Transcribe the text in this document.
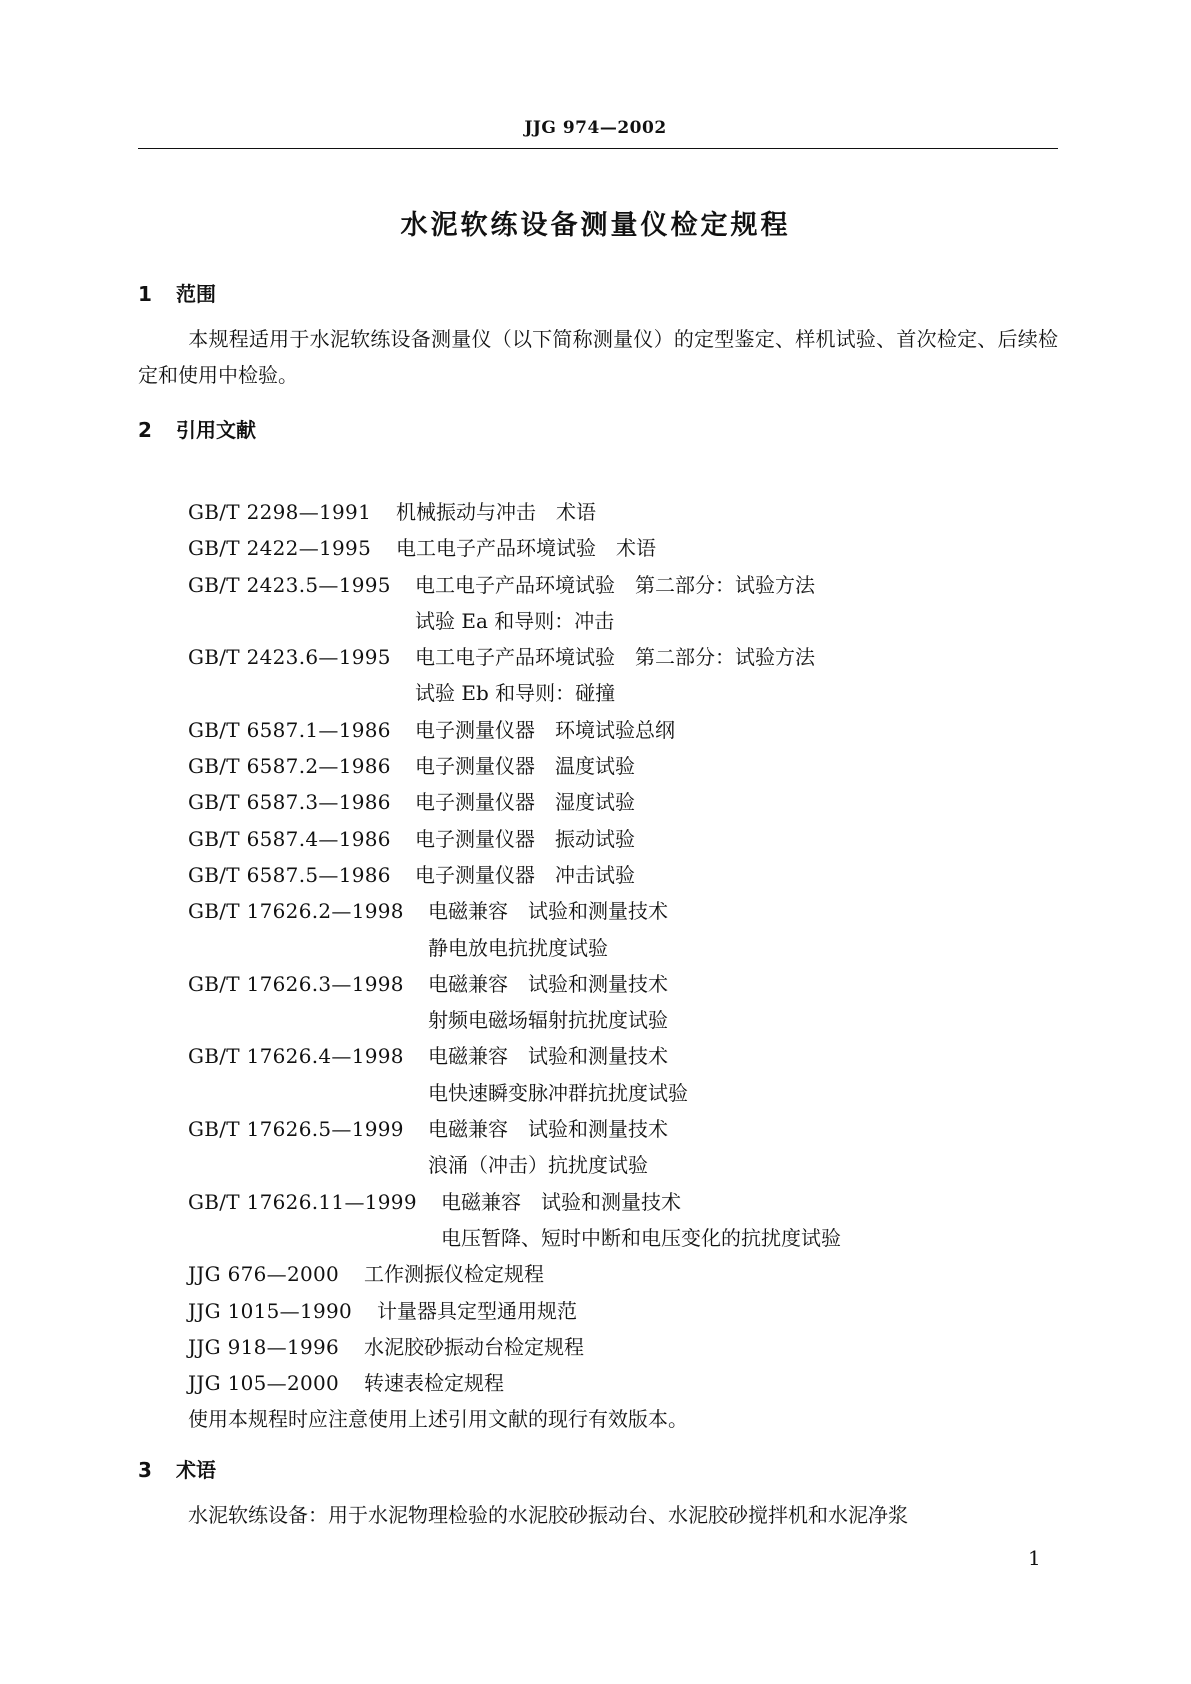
JJG 974—2002
水泥软练设备测量仪检定规程
1 范围
本规程适用于水泥软练设备测量仪（以下简称测量仪）的定型鉴定、样机试验、首次检定、后续检定和使用中检验。
2 引用文献
GB/T 2298—1991 机械振动与冲击　术语
GB/T 2422—1995 电工电子产品环境试验　术语
GB/T 2423.5—1995 电工电子产品环境试验　第二部分：试验方法
试验 Ea 和导则：冲击
GB/T 2423.6—1995 电工电子产品环境试验　第二部分：试验方法
试验 Eb 和导则：碰撞
GB/T 6587.1—1986 电子测量仪器　环境试验总纲
GB/T 6587.2—1986 电子测量仪器　温度试验
GB/T 6587.3—1986 电子测量仪器　湿度试验
GB/T 6587.4—1986 电子测量仪器　振动试验
GB/T 6587.5—1986 电子测量仪器　冲击试验
GB/T 17626.2—1998 电磁兼容　试验和测量技术
静电放电抗扰度试验
GB/T 17626.3—1998 电磁兼容　试验和测量技术
射频电磁场辐射抗扰度试验
GB/T 17626.4—1998 电磁兼容　试验和测量技术
电快速瞬变脉冲群抗扰度试验
GB/T 17626.5—1999 电磁兼容　试验和测量技术
浪涌（冲击）抗扰度试验
GB/T 17626.11—1999 电磁兼容　试验和测量技术
电压暂降、短时中断和电压变化的抗扰度试验
JJG 676—2000 工作测振仪检定规程
JJG 1015—1990 计量器具定型通用规范
JJG 918—1996 水泥胶砂振动台检定规程
JJG 105—2000 转速表检定规程
使用本规程时应注意使用上述引用文献的现行有效版本。
3 术语
水泥软练设备：用于水泥物理检验的水泥胶砂振动台、水泥胶砂搅拌机和水泥净浆
1
